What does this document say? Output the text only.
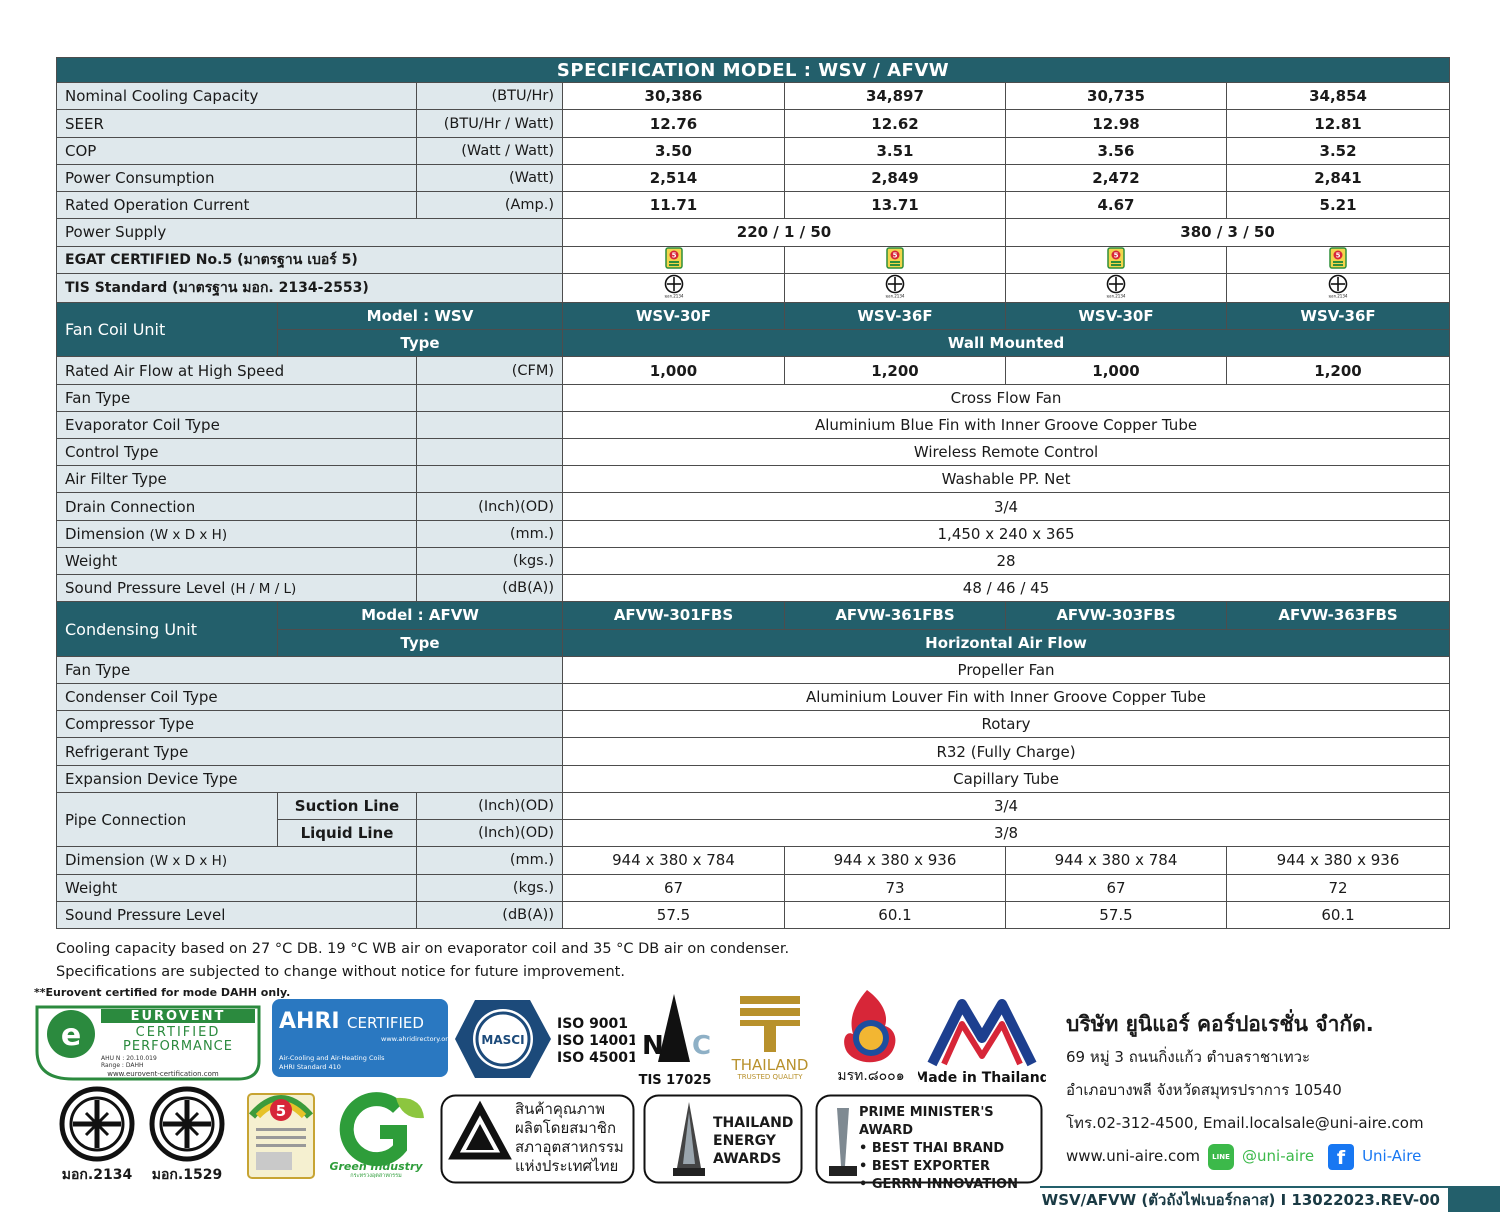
SPECIFICATION MODEL : WSV / AFVW						
Nominal Cooling Capacity		(BTU/Hr)	30,386	34,897	30,735	34,854
SEER		(BTU/Hr / Watt)	12.76	12.62	12.98	12.81
COP		(Watt / Watt)	3.50	3.51	3.56	3.52
Power Consumption		(Watt)	2,514	2,849	2,472	2,841
Rated Operation Current		(Amp.)	11.71	13.71	4.67	5.21
Power Supply			220 / 1 / 50		380 / 3 / 50	
EGAT CERTIFIED No.5 (มาตรฐาน เบอร์ 5)			5	5	5	5

TIS Standard (มาตรฐาน มอก. 2134-2553)			มอก.2134	มอก.2134	มอก.2134	มอก.2134

Fan Coil Unit	Model : WSV		WSV-30F	WSV-36F	WSV-30F	WSV-36F
	Type		Wall Mounted			
Rated Air Flow at High Speed		(CFM)	1,000	1,200	1,000	1,200
Fan Type			Cross Flow Fan			
Evaporator Coil Type			Aluminium Blue Fin with Inner Groove Copper Tube			
Control Type			Wireless Remote Control			
Air Filter Type			Washable PP. Net			
Drain Connection		(Inch)(OD)	3/4			
Dimension (W x D x H)		(mm.)	1,450 x 240 x 365			
Weight		(kgs.)	28			
Sound Pressure Level (H / M / L)		(dB(A))	48 / 46 / 45			
Condensing Unit	Model : AFVW		AFVW-301FBS	AFVW-361FBS	AFVW-303FBS	AFVW-363FBS
	Type		Horizontal Air Flow			
Fan Type			Propeller Fan			
Condenser Coil Type			Aluminium Louver Fin with Inner Groove Copper Tube			
Compressor Type			Rotary			
Refrigerant Type			R32 (Fully Charge)			
Expansion Device Type			Capillary Tube			
Pipe Connection	Suction Line	(Inch)(OD)	3/4			
	Liquid Line	(Inch)(OD)	3/8			
Dimension (W x D x H)		(mm.)	944 x 380 x 784	944 x 380 x 936	944 x 380 x 784	944 x 380 x 936
Weight		(kgs.)	67	73	67	72
Sound Pressure Level		(dB(A))	57.5	60.1	57.5	60.1
Cooling capacity based on 27 °C DB. 19 °C WB air on evaporator coil and 35 °C DB air on condenser.
Specifications are subjected to change without notice for future improvement.
**Eurovent certified for mode DAHH only.
e
EUROVENT
CERTIFIED
PERFORMANCE
AHU N : 20.10.019
Range : DAHH
www.eurovent-certification.com
AHRI CERTIFIED
www.ahridirectory.org
Air-Cooling and Air-Heating Coils
AHRI Standard 410
MASCI
ISO 9001
ISO 14001
ISO 45001 N C
TIS 17025
THAILAND
TRUSTED QUALITY มรท.๘๐๐๑ Made in Thailand
มอก.2134 มอก.1529
5
Green Industry
กระทรวงอุตสาหกรรม
สินค้าคุณภาพ
ผลิตโดยสมาชิก
สภาอุตสาหกรรม
แห่งประเทศไทย
THAILAND
ENERGY
AWARDS
PRIME MINISTER'S AWARD
• BEST THAI BRAND
• BEST EXPORTER
• GERRN INNOVATION
บริษัท ยูนิแอร์ คอร์ปอเรชั่น จำกัด.
69 หมู่ 3 ถนนกิ่งแก้ว ตำบลราชาเทวะ
อำเภอบางพลี จังหวัดสมุทรปราการ 10540
โทร.02-312-4500, Email.localsale@uni-aire.com
www.uni-aire.com	LINE @uni-aire	f	Uni-Aire
WSV/AFVW (ตัวถังไฟเบอร์กลาส) I 13022023.REV-00
